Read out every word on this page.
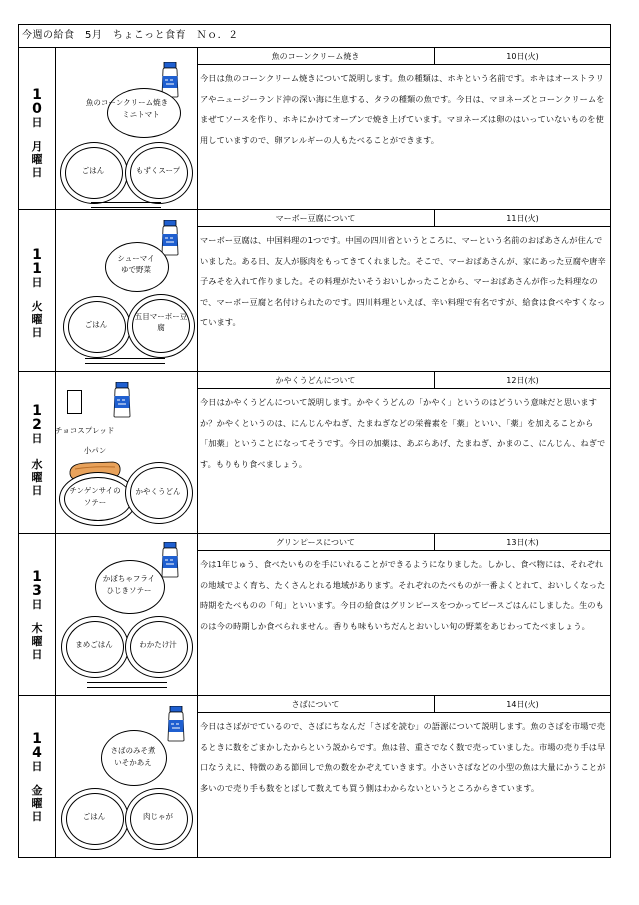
今週の給食　5月　ちょこっと食育　Ｎｏ．２
1
0
日
月
曜
日
魚のコーンクリーム焼き
ミニトマト
ごはん	もずくスープ
魚のコーンクリーム焼き	10日(火)
今日は魚のコーンクリーム焼きについて説明します。魚の種類は、ホキという名前です。ホキはオーストラリアやニュージーランド沖の深い海に生息する、タラの種類の魚です。今日は、マヨネーズとコーンクリームをまぜてソースを作り、ホキにかけてオーブンで焼き上げています。マヨネーズは卵のはいっていないものを使用していますので、卵アレルギーの人もたべることができます。
1
1
日
火
曜
日
シューマイ
ゆで野菜
ごはん
五目マーボー豆
腐
マーボー豆腐について	11日(火)
マーボー豆腐は、中国料理の1つです。中国の四川省というところに、マーという名前のおばあさんが住んでいました。ある日、友人が豚肉をもってきてくれました。そこで、マーおばあさんが、家にあった豆腐や唐辛子みそを入れて作りました。その料理がたいそうおいしかったことから、マーおばあさんが作った料理なので、マーボー豆腐と名付けられたのです。四川料理といえば、辛い料理で有名ですが、給食は食べやすくなっています。
1
2
日
水
曜
日
チョコスプレッド
小パン
チンゲンサイの
ソテー
かやくうどん
かやくうどんについて	12日(水)
今日はかやくうどんについて説明します。かやくうどんの「かやく」というのはどういう意味だと思いますか？かやくというのは、にんじんやねぎ、たまねぎなどの栄養素を「薬」といい、「薬」を加えることから「加薬」ということになってそうです。今日の加薬は、あぶらあげ、たまねぎ、かまのこ、にんじん、ねぎです。もりもり食べましょう。
1
3
日
木
曜
日
かぼちゃフライ
ひじきソテー
まめごはん	わかたけ汁
グリンピースについて	13日(木)
今は1年じゅう、食べたいものを手にいれることができるようになりました。しかし、食べ物には、それぞれの地域でよく育ち、たくさんとれる地域があります。それぞれのたべものが一番よくとれて、おいしくなった時期をたべものの「旬」といいます。今日の給食はグリンピースをつかってピースごはんにしました。生のものは今の時期しか食べられません。香りも味もいちだんとおいしい旬の野菜をあじわってたべましょう。
1
4
日
金
曜
日
さばのみそ煮
いそかあえ
ごはん	肉じゃが
さばについて	14日(火)
今日はさばがでているので、さばにちなんだ「さばを読む」の語源について説明します。魚のさばを市場で売るときに数をごまかしたからという説からです。魚は昔、重さでなく数で売っていました。市場の売り手は早口なうえに、特徴のある節回しで魚の数をかぞえていきます。小さいさばなどの小型の魚は大量にかうことが多いので売り手も数をとばして数えても買う側はわからないというところからきています。
